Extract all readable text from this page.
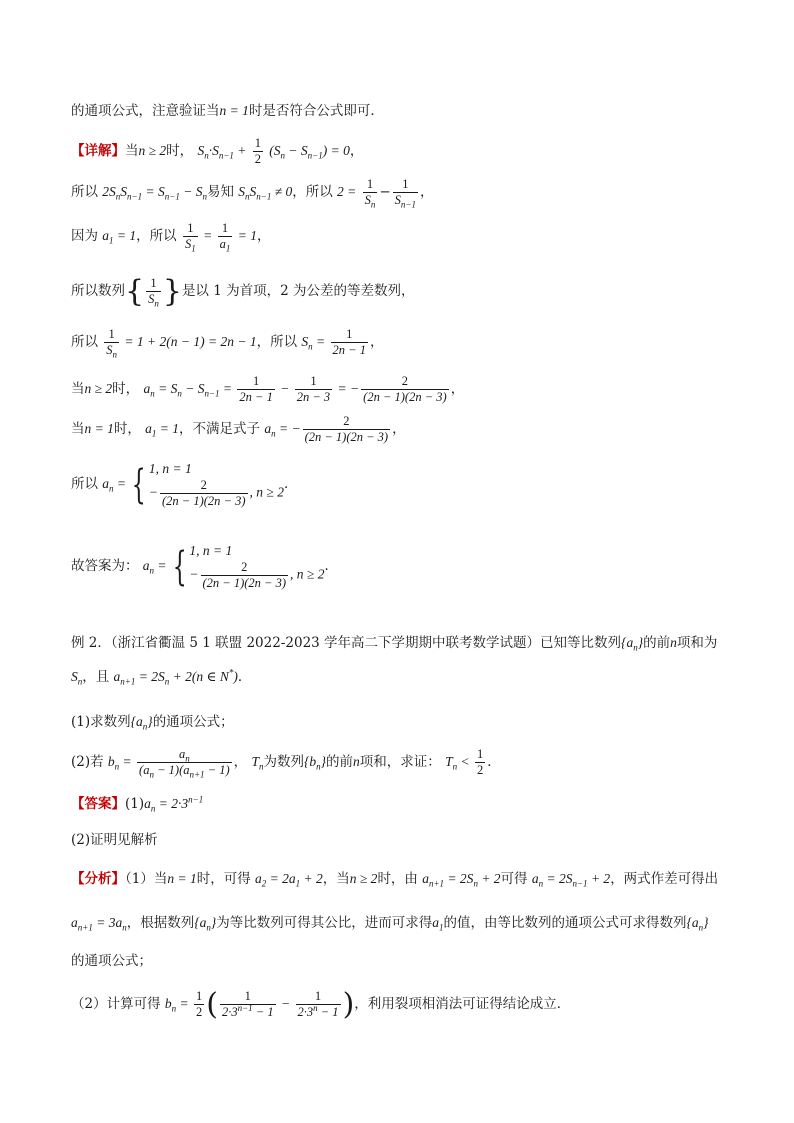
的通项公式，注意验证当n = 1时是否符合公式即可．
【详解】当n ≥ 2时， $S_n\cdot S_{n-1} + \frac{1}{2} (S_n - S_{n-1}) = 0$，
所以 $2S_nS_{n-1} = S_{n-1} - S_n$易知 $S_nS_{n-1} \ne 0$，所以 $2 = \frac{1}{S_n} - \frac{1}{S_{n-1}}$ ，
因为 $a_1 = 1$，所以 $\frac{1}{S_1} = \frac{1}{a_1} = 1$，
所以数列{ $\frac{1}{S_n}$ }是以 1 为首项，2 为公差的等差数列，
所以 $\frac{1}{S_n} = 1 + 2(n - 1) = 2n - 1$，所以 $S_n = \frac{1}{2n - 1}$ ，
当n ≥ 2时， $a_n = S_n - S_{n-1} = \frac{1}{2n - 1} - \frac{1}{2n - 3}$ = − $\frac{2}{(2n - 1)(2n - 3)}$ ，
当n = 1时， $a_1 = 1$，不满足式子 $a_n$ = − $\frac{2}{(2n - 1)(2n - 3)}$ ，
所以 $a_n$ = { 1, n = 1
− $\frac{2}{(2n - 1)(2n - 3)}$ , n ≥ 2
．
故答案为： $a_n$ = { 1, n = 1
− $\frac{2}{(2n - 1)(2n - 3)}$ , n ≥ 2
．
例 2．（浙江省衢温 5 1 联盟 2022-2023 学年高二下学期期中联考数学试题）已知等比数列$\{a_n\}$的前n项和为
$S_n$，且 $a_{n+1} = 2S_n + 2(n$ ∈ N*)．
(1)求数列$\{a_n\}$的通项公式；
(2)若 $b_n = \frac{a_n}{(a_n - 1)(a_{n+1} - 1)}$ ， $T_n$为数列$\{b_n\}$的前n项和，求证： $T_n < \frac{1}{2}$ ．
【答案】$(1)a_n = 2\cdot 3^{n-1}$
(2)证明见解析
【分析】（1）当n = 1时，可得 $a_2 = 2a_1 + 2$，当n ≥ 2时，由 $a_{n+1} = 2S_n + 2$可得 $a_n = 2S_{n-1} + 2$，两式作差可得出
$a_{n+1} = 3a_n$，根据数列$\{a_n\}$为等比数列可得其公比，进而可求得$a_1$的值，由等比数列的通项公式可求得数列$\{a_n\}$
的通项公式；
（2）计算可得 $b_n = \frac{1}{2}$ ( $\frac{1}{2\cdot 3^{n-1} - 1} - \frac{1}{2\cdot 3^n - 1}$ )，利用裂项相消法可证得结论成立．
